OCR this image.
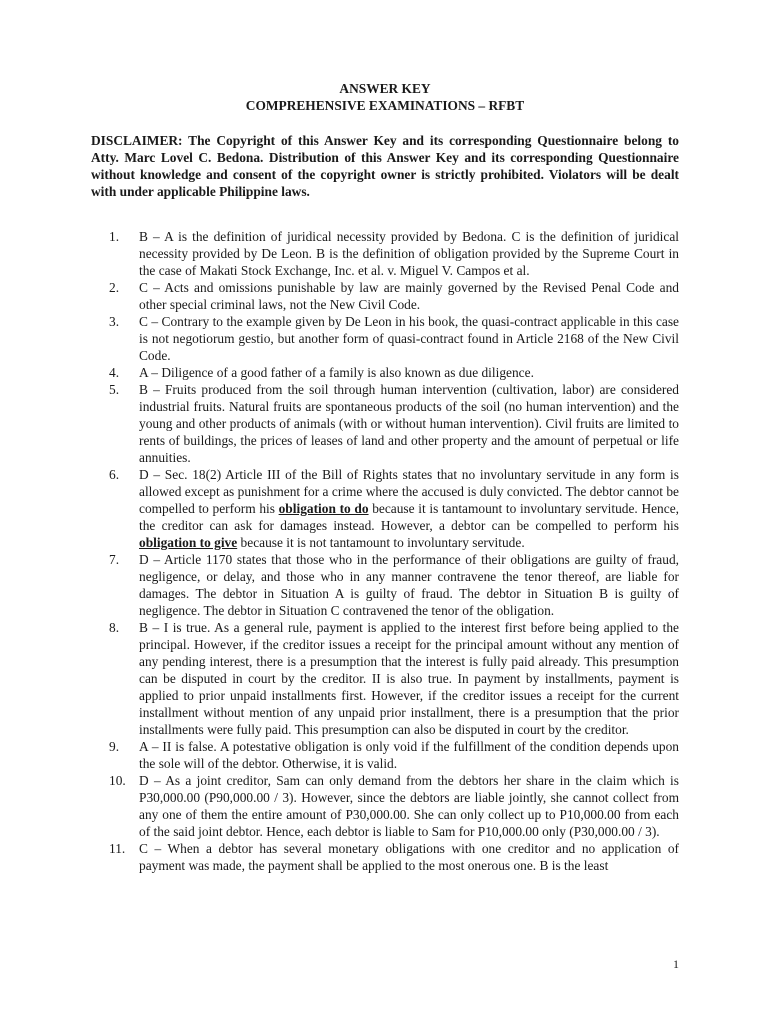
ANSWER KEY

COMPREHENSIVE EXAMINATIONS – RFBT

DISCLAIMER: The Copyright of this Answer Key and its corresponding Questionnaire belong to Atty. Marc Lovel C. Bedona. Distribution of this Answer Key and its corresponding Questionnaire without knowledge and consent of the copyright owner is strictly prohibited. Violators will be dealt with under applicable Philippine laws.

1. B – A is the definition of juridical necessity provided by Bedona. C is the definition of juridical necessity provided by De Leon. B is the definition of obligation provided by the Supreme Court in the case of Makati Stock Exchange, Inc. et al. v. Miguel V. Campos et al.
2. C – Acts and omissions punishable by law are mainly governed by the Revised Penal Code and other special criminal laws, not the New Civil Code.
3. C – Contrary to the example given by De Leon in his book, the quasi-contract applicable in this case is not negotiorum gestio, but another form of quasi-contract found in Article 2168 of the New Civil Code.
4. A – Diligence of a good father of a family is also known as due diligence.
5. B – Fruits produced from the soil through human intervention (cultivation, labor) are considered industrial fruits. Natural fruits are spontaneous products of the soil (no human intervention) and the young and other products of animals (with or without human intervention). Civil fruits are limited to rents of buildings, the prices of leases of land and other property and the amount of perpetual or life annuities.
6. D – Sec. 18(2) Article III of the Bill of Rights states that no involuntary servitude in any form is allowed except as punishment for a crime where the accused is duly convicted. The debtor cannot be compelled to perform his obligation to do because it is tantamount to involuntary servitude. Hence, the creditor can ask for damages instead. However, a debtor can be compelled to perform his obligation to give because it is not tantamount to involuntary servitude.
7. D – Article 1170 states that those who in the performance of their obligations are guilty of fraud, negligence, or delay, and those who in any manner contravene the tenor thereof, are liable for damages. The debtor in Situation A is guilty of fraud. The debtor in Situation B is guilty of negligence. The debtor in Situation C contravened the tenor of the obligation.
8. B – I is true. As a general rule, payment is applied to the interest first before being applied to the principal. However, if the creditor issues a receipt for the principal amount without any mention of any pending interest, there is a presumption that the interest is fully paid already. This presumption can be disputed in court by the creditor. II is also true. In payment by installments, payment is applied to prior unpaid installments first. However, if the creditor issues a receipt for the current installment without mention of any unpaid prior installment, there is a presumption that the prior installments were fully paid. This presumption can also be disputed in court by the creditor.
9. A – II is false. A potestative obligation is only void if the fulfillment of the condition depends upon the sole will of the debtor. Otherwise, it is valid.
10. D – As a joint creditor, Sam can only demand from the debtors her share in the claim which is P30,000.00 (P90,000.00 / 3). However, since the debtors are liable jointly, she cannot collect from any one of them the entire amount of P30,000.00. She can only collect up to P10,000.00 from each of the said joint debtor. Hence, each debtor is liable to Sam for P10,000.00 only (P30,000.00 / 3).
11. C – When a debtor has several monetary obligations with one creditor and no application of payment was made, the payment shall be applied to the most onerous one. B is the least
1
